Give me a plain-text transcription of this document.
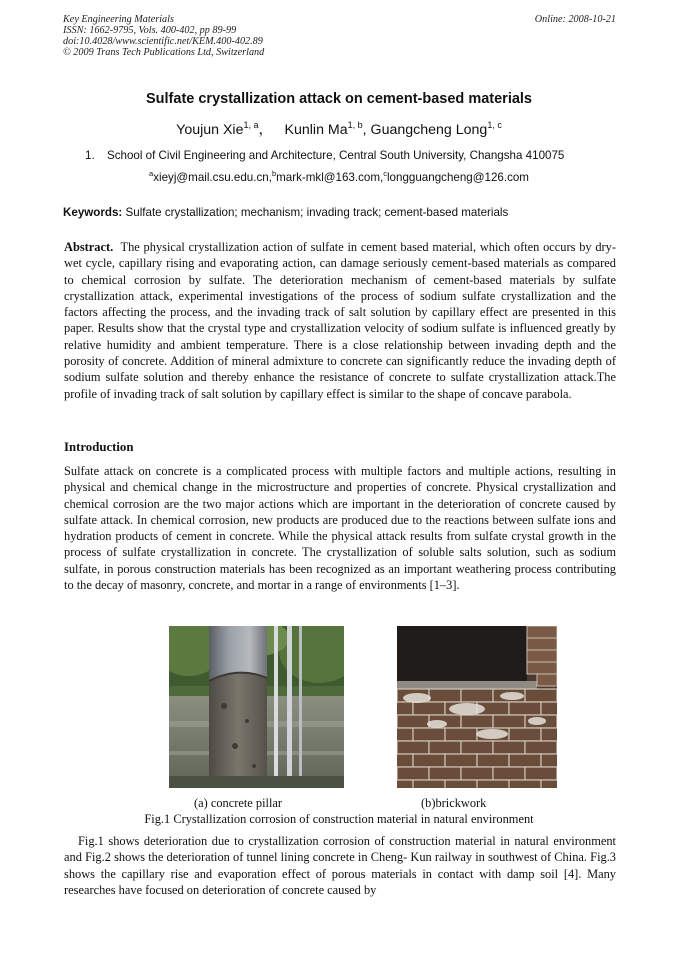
Key Engineering Materials
ISSN: 1662-9795, Vols. 400-402, pp 89-99
doi:10.4028/www.scientific.net/KEM.400-402.89
© 2009 Trans Tech Publications Ltd, Switzerland
Online: 2008-10-21
Sulfate crystallization attack on cement-based materials
Youjun Xie$^{1, a}$， Kunlin Ma$^{1, b}$, Guangcheng Long$^{1, c}$
1. School of Civil Engineering and Architecture, Central South University, Changsha 410075
$^a$xieyj@mail.csu.edu.cn,$^b$mark-mkl@163.com,$^c$longguangcheng@126.com
Keywords: Sulfate crystallization; mechanism; invading track; cement-based materials
Abstract. The physical crystallization action of sulfate in cement based material, which often occurs by dry-wet cycle, capillary rising and evaporating action, can damage seriously cement-based materials as compared to chemical corrosion by sulfate. The deterioration mechanism of cement-based materials by sulfate crystallization attack, experimental investigations of the process of sodium sulfate crystallization and the factors affecting the process, and the invading track of salt solution by capillary effect are presented in this paper. Results show that the crystal type and crystallization velocity of sodium sulfate is influenced greatly by relative humidity and ambient temperature. There is a close relationship between invading depth and the porosity of concrete. Addition of mineral admixture to concrete can significantly reduce the invading depth of sodium sulfate solution and thereby enhance the resistance of concrete to sulfate crystallization attack.The profile of invading track of salt solution by capillary effect is similar to the shape of concave parabola.
Introduction
Sulfate attack on concrete is a complicated process with multiple factors and multiple actions, resulting in physical and chemical change in the microstructure and properties of concrete. Physical crystallization and chemical corrosion are the two major actions which are important in the deterioration of concrete caused by sulfate attack. In chemical corrosion, new products are produced due to the reactions between sulfate ions and hydration products of cement in concrete. While the physical attack results from sulfate crystal growth in the process of sulfate crystallization in concrete. The crystallization of soluble salts solution, such as sodium sulfate, in porous construction materials has been recognized as an important weathering process contributing to the decay of masonry, concrete, and mortar in a range of environments [1–3].
(a) concrete pillar	(b)brickwork
Fig.1 Crystallization corrosion of construction material in natural environment
Fig.1 shows deterioration due to crystallization corrosion of construction material in natural environment and Fig.2 shows the deterioration of tunnel lining concrete in Cheng- Kun railway in southwest of China. Fig.3 shows the capillary rise and evaporation effect of porous materials in contact with damp soil [4]. Many researches have focused on deterioration of concrete caused by
